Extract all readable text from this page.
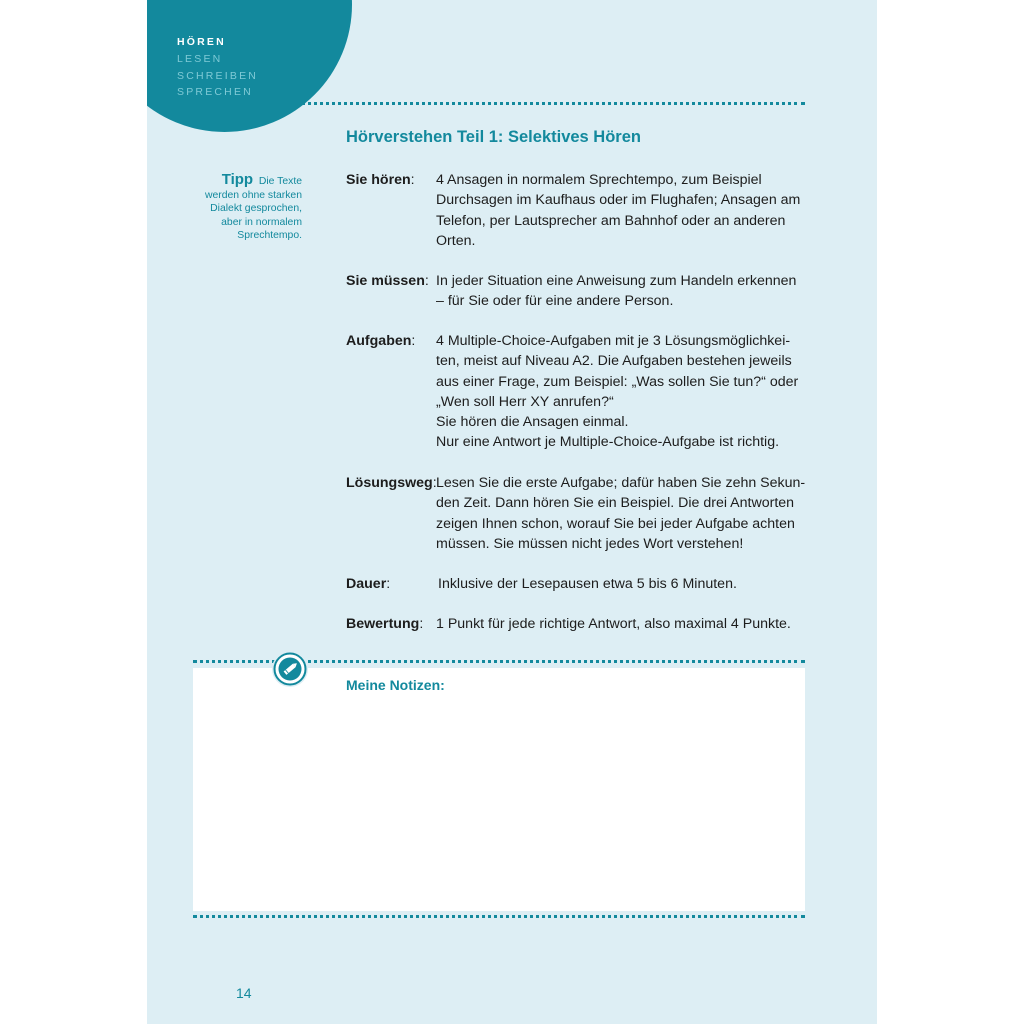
HÖREN
LESEN
SCHREIBEN
SPRECHEN
Hörverstehen Teil 1: Selektives Hören
Tipp Die Texte
werden ohne starken
Dialekt gesprochen,
aber in normalem
Sprechtempo.
Sie hören: 4 Ansagen in normalem Sprechtempo, zum Beispiel
Durchsagen im Kaufhaus oder im Flughafen; Ansagen am
Telefon, per Lautsprecher am Bahnhof oder an anderen
Orten.
Sie müssen: In jeder Situation eine Anweisung zum Handeln erkennen
– für Sie oder für eine andere Person.
Aufgaben: 4 Multiple-Choice-Aufgaben mit je 3 Lösungsmöglichkei-
ten, meist auf Niveau A2. Die Aufgaben bestehen jeweils
aus einer Frage, zum Beispiel: „Was sollen Sie tun?“ oder
„Wen soll Herr XY anrufen?“
Sie hören die Ansagen einmal.
Nur eine Antwort je Multiple-Choice-Aufgabe ist richtig.
Lösungsweg: Lesen Sie die erste Aufgabe; dafür haben Sie zehn Sekun-
den Zeit. Dann hören Sie ein Beispiel. Die drei Antworten
zeigen Ihnen schon, worauf Sie bei jeder Aufgabe achten
müssen. Sie müssen nicht jedes Wort verstehen!
Dauer:	Inklusive der Lesepausen etwa 5 bis 6 Minuten.
Bewertung: 1 Punkt für jede richtige Antwort, also maximal 4 Punkte.
Meine Notizen:
14
